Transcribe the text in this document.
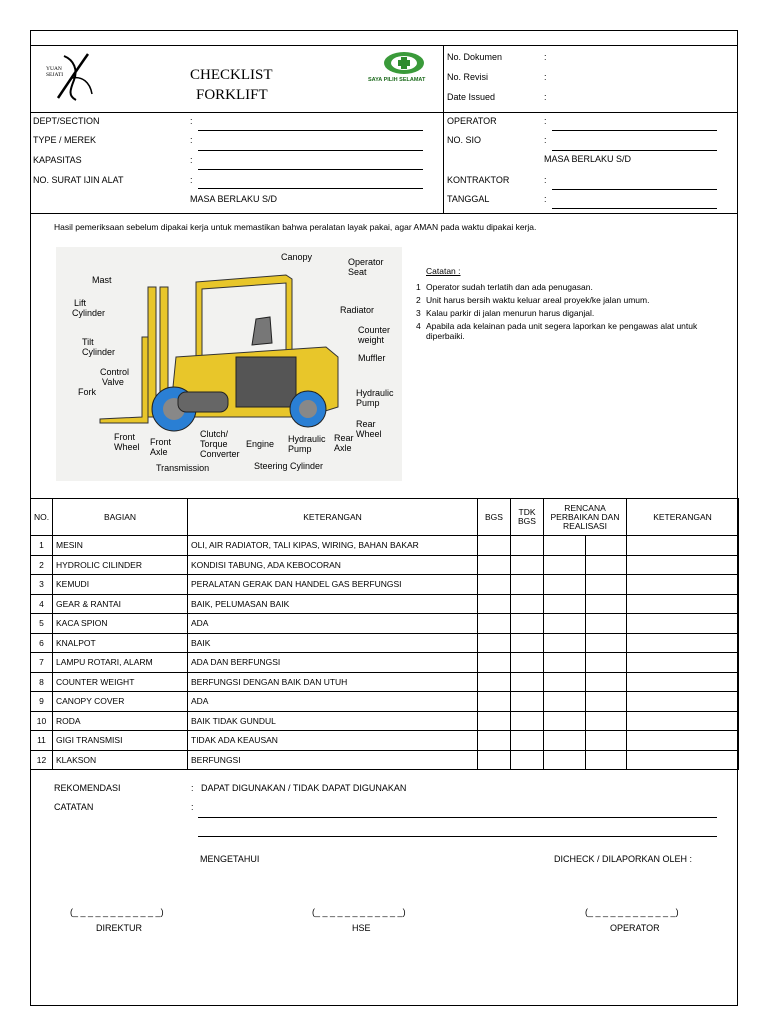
YUAN SEJATI	CHECKLIST
FORKLIFT
SAYA PILIH SELAMAT
No. Dokumen	:
No. Revisi	:
Date Issued	:
DEPT/SECTION	:
TYPE / MEREK	:
KAPASITAS	:
NO. SURAT IJIN ALAT	:
MASA BERLAKU S/D
OPERATOR	:
NO. SIO	:
MASA BERLAKU S/D
KONTRAKTOR	:
TANGGAL	:
Hasil pemeriksaan sebelum dipakai kerja untuk memastikan bahwa peralatan layak pakai, agar AMAN pada waktu dipakai kerja.
Mast
Lift
Cylinder
Tilt
Cylinder
Control
Valve
Fork
Front
Wheel Front
Axle
Transmission
Clutch/
Torque
Converter
Engine
Steering Cylinder
Hydraulic
Pump
Canopy	Operator
Seat
Radiator
Counter
weight
Muffler
Hydraulic
Pump
Rear
Wheel
Rear
Axle
Catatan :
1 Operator sudah terlatih dan ada penugasan.
2 Unit harus bersih waktu keluar areal proyek/ke jalan umum.
3 Kalau parkir di jalan menurun harus diganjal.
4 Apabila ada kelainan pada unit segera laporkan ke pengawas alat untuk diperbaiki.
NO.	BAGIAN	KETERANGAN	BGS	TDK BGS	RENCANA PERBAIKAN DAN REALISASI		KETERANGAN
1	MESIN	OLI, AIR RADIATOR, TALI KIPAS, WIRING, BAHAN BAKAR					
2	HYDROLIC CILINDER	KONDISI TABUNG, ADA KEBOCORAN					
3	KEMUDI	PERALATAN GERAK DAN HANDEL GAS BERFUNGSI					
4	GEAR & RANTAI	BAIK, PELUMASAN BAIK					
5	KACA SPION	ADA					
6	KNALPOT	BAIK					
7	LAMPU ROTARI, ALARM	ADA DAN BERFUNGSI					
8	COUNTER WEIGHT	BERFUNGSI DENGAN BAIK DAN UTUH					
9	CANOPY COVER	ADA					
10	RODA	BAIK TIDAK GUNDUL					
11	GIGI TRANSMISI	TIDAK ADA KEAUSAN					
12	KLAKSON	BERFUNGSI					
REKOMENDASI	: DAPAT DIGUNAKAN / TIDAK DAPAT DIGUNAKAN
CATATAN	:
MENGETAHUI	DICHECK / DILAPORKAN OLEH :
(_ _ _ _ _ _ _ _ _ _ _ _)
DIREKTUR
(_ _ _ _ _ _ _ _ _ _ _ _)
HSE
(_ _ _ _ _ _ _ _ _ _ _ _)
OPERATOR
